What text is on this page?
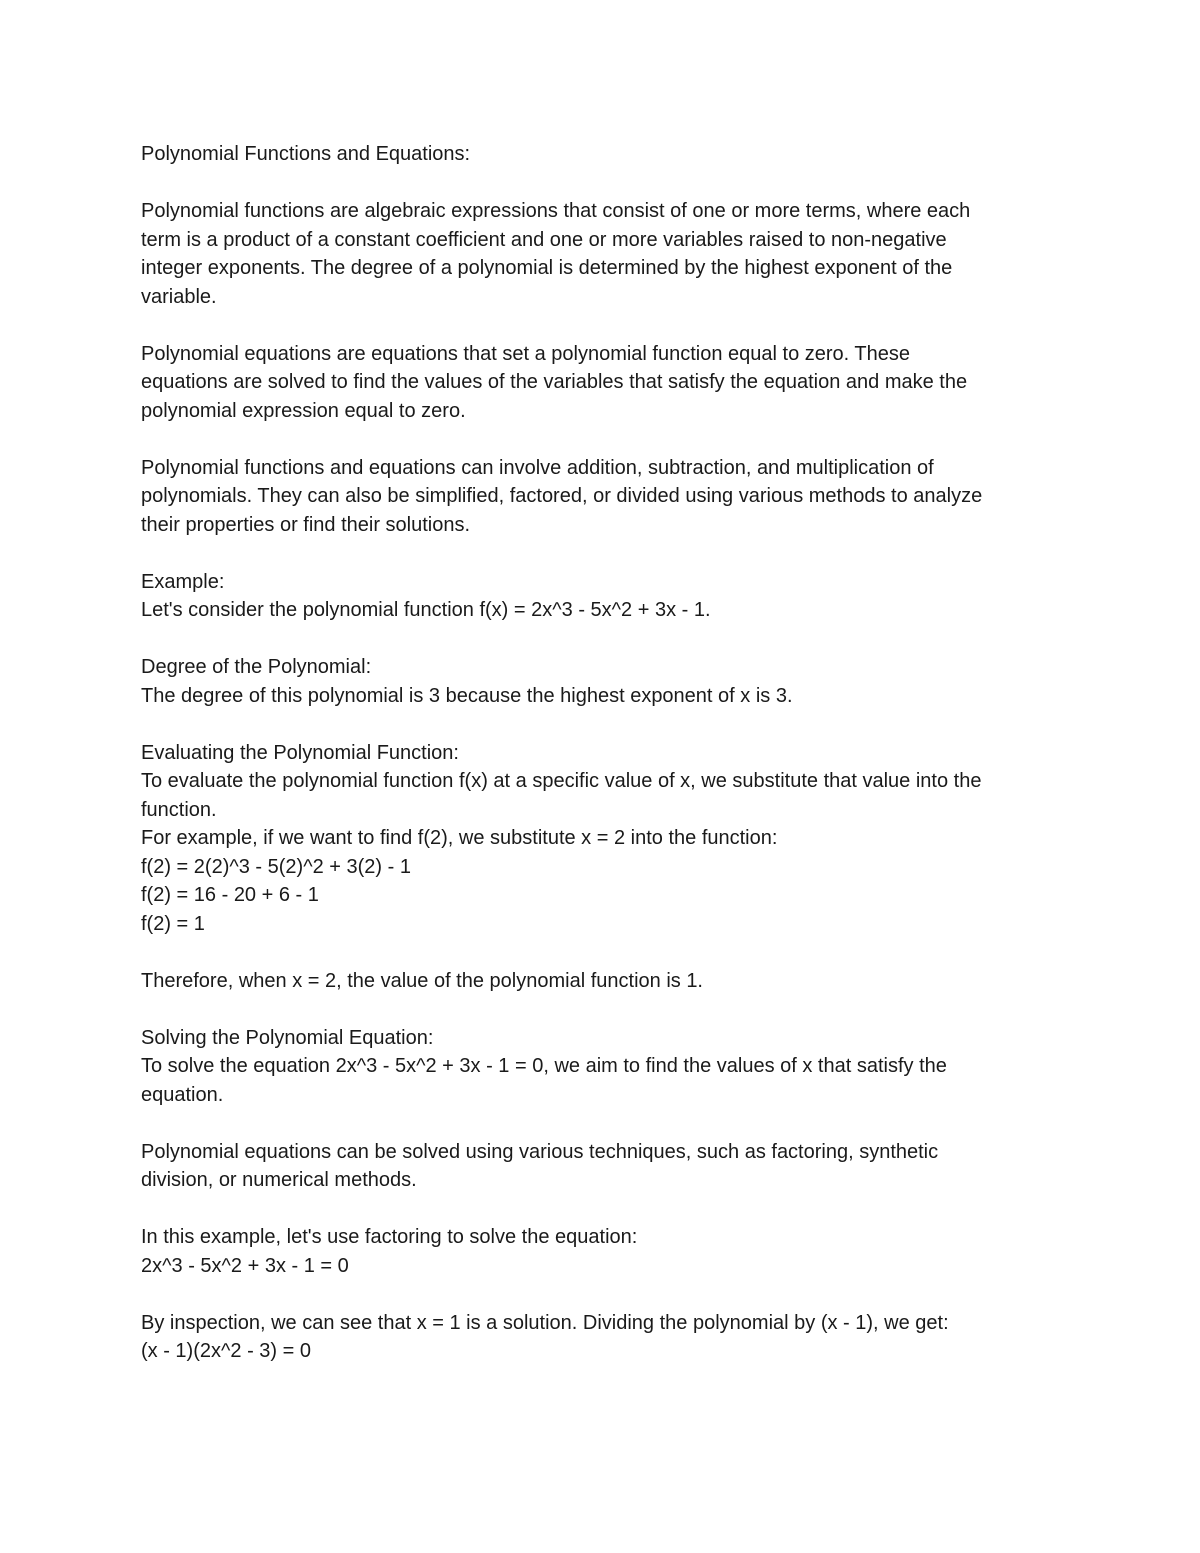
Polynomial Functions and Equations:
Polynomial functions are algebraic expressions that consist of one or more terms, where each
term is a product of a constant coefficient and one or more variables raised to non-negative
integer exponents. The degree of a polynomial is determined by the highest exponent of the
variable.
Polynomial equations are equations that set a polynomial function equal to zero. These
equations are solved to find the values of the variables that satisfy the equation and make the
polynomial expression equal to zero.
Polynomial functions and equations can involve addition, subtraction, and multiplication of
polynomials. They can also be simplified, factored, or divided using various methods to analyze
their properties or find their solutions.
Example:
Let's consider the polynomial function f(x) = 2x^3 - 5x^2 + 3x - 1.
Degree of the Polynomial:
The degree of this polynomial is 3 because the highest exponent of x is 3.
Evaluating the Polynomial Function:
To evaluate the polynomial function f(x) at a specific value of x, we substitute that value into the
function.
For example, if we want to find f(2), we substitute x = 2 into the function:
f(2) = 2(2)^3 - 5(2)^2 + 3(2) - 1
f(2) = 16 - 20 + 6 - 1
f(2) = 1
Therefore, when x = 2, the value of the polynomial function is 1.
Solving the Polynomial Equation:
To solve the equation 2x^3 - 5x^2 + 3x - 1 = 0, we aim to find the values of x that satisfy the
equation.
Polynomial equations can be solved using various techniques, such as factoring, synthetic
division, or numerical methods.
In this example, let's use factoring to solve the equation:
2x^3 - 5x^2 + 3x - 1 = 0
By inspection, we can see that x = 1 is a solution. Dividing the polynomial by (x - 1), we get:
(x - 1)(2x^2 - 3) = 0
